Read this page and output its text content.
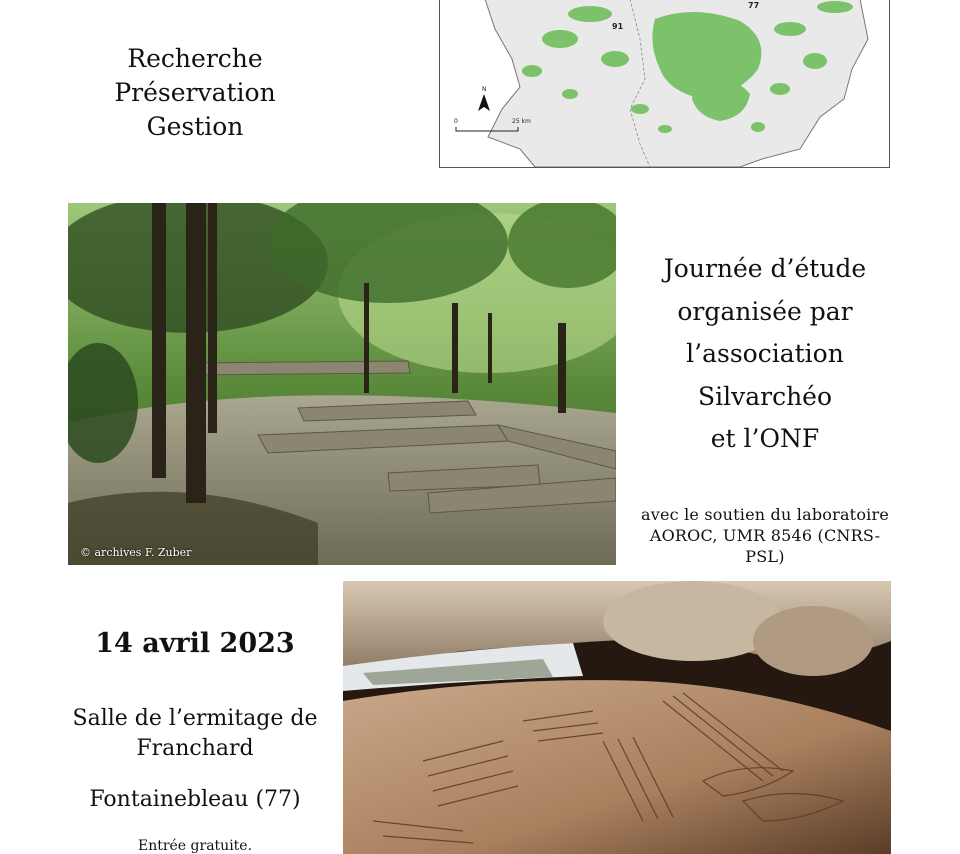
Recherche
Préservation
Gestion
91
77
N
0	25 km
© archives F. Zuber
Journée d’étude
organisée par
l’association
Silvarchéo
et l’ONF
avec le soutien du laboratoire
AOROC, UMR 8546 (CNRS-PSL)
14 avril 2023
Salle de l’ermitage de
Franchard
Fontainebleau (77)
Entrée gratuite.
